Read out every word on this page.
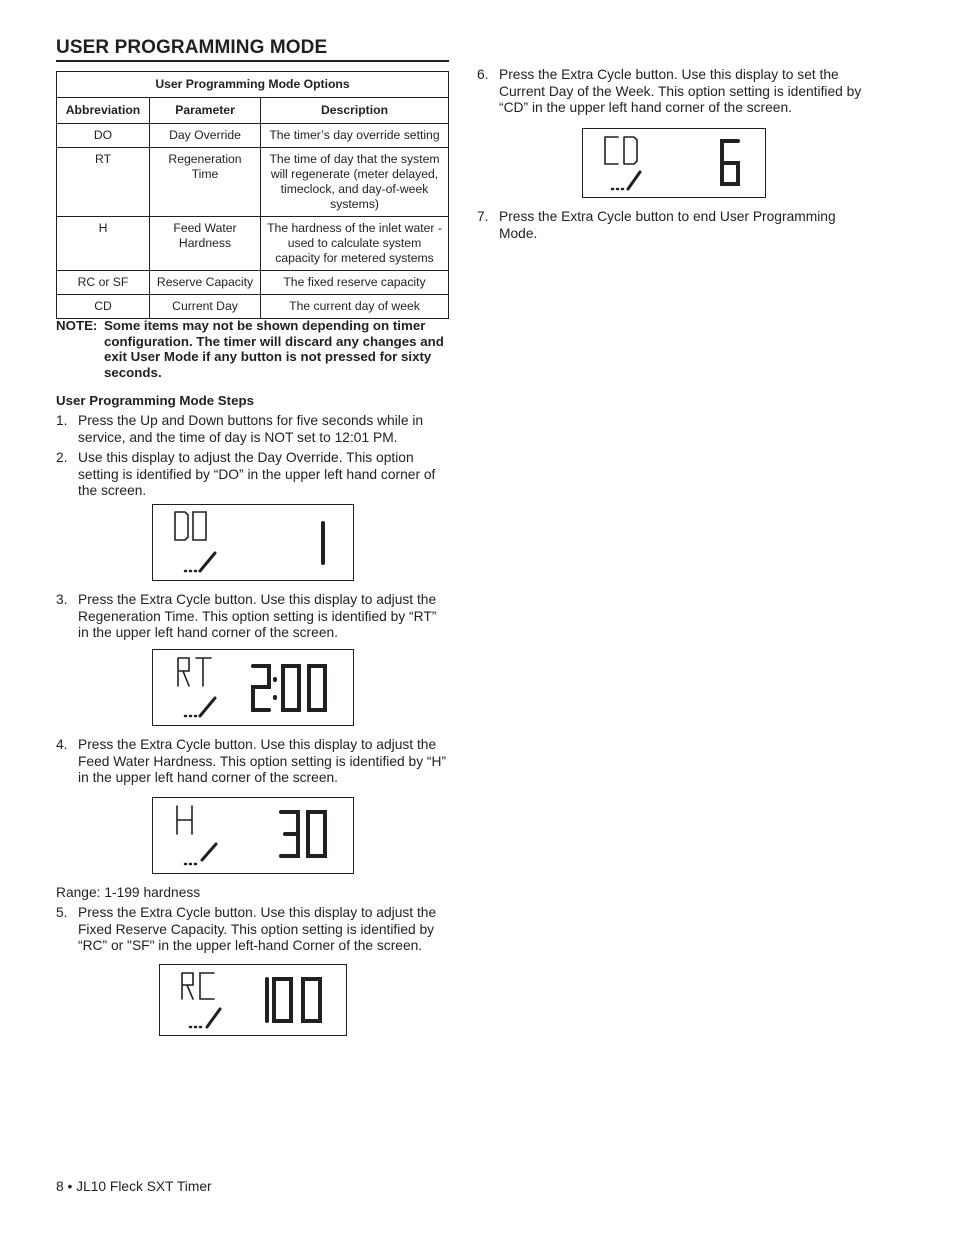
USER PROGRAMMING MODE
User Programming Mode Options		
Abbreviation	Parameter	Description
DO	Day Override	The timer’s day override setting
RT	Regeneration Time	The time of day that the system will regenerate (meter delayed, timeclock, and day-of-week systems)
H	Feed Water Hardness	The hardness of the inlet water - used to calculate system capacity for metered systems
RC or SF	Reserve Capacity	The fixed reserve capacity
CD	Current Day	The current day of week
NOTE: Some items may not be shown depending on timer configuration. The timer will discard any changes and exit User Mode if any button is not pressed for sixty seconds.
User Programming Mode Steps
1. Press the Up and Down buttons for five seconds while in service, and the time of day is NOT set to 12:01 PM.
2. Use this display to adjust the Day Override. This option setting is identified by “DO” in the upper left hand corner of the screen.
3. Press the Extra Cycle button. Use this display to adjust the Regeneration Time. This option setting is identified by “RT” in the upper left hand corner of the screen.
4. Press the Extra Cycle button. Use this display to adjust the Feed Water Hardness. This option setting is identified by “H” in the upper left hand corner of the screen.
Range: 1-199 hardness
5. Press the Extra Cycle button. Use this display to adjust the Fixed Reserve Capacity. This option setting is identified by “RC” or "SF" in the upper left-hand Corner of the screen.
6. Press the Extra Cycle button. Use this display to set the Current Day of the Week. This option setting is identified by “CD” in the upper left hand corner of the screen.
7. Press the Extra Cycle button to end User Programming Mode.
8 • JL10 Fleck SXT Timer
